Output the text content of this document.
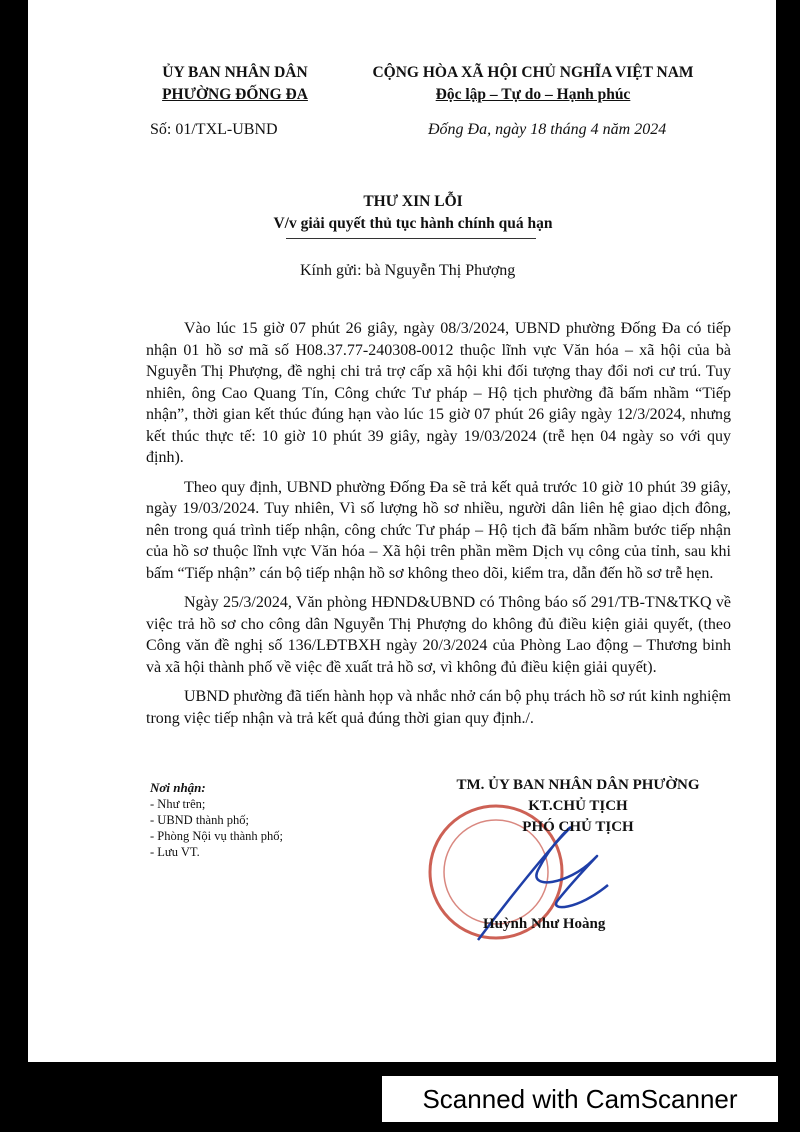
ỦY BAN NHÂN DÂN
PHƯỜNG ĐỐNG ĐA
CỘNG HÒA XÃ HỘI CHỦ NGHĨA VIỆT NAM
Độc lập – Tự do – Hạnh phúc
Số: 01/TXL-UBND	Đống Đa, ngày 18 tháng 4 năm 2024
THƯ XIN LỖI
V/v giải quyết thủ tục hành chính quá hạn
Kính gửi: bà Nguyễn Thị Phượng

Vào lúc 15 giờ 07 phút 26 giây, ngày 08/3/2024, UBND phường Đống Đa có tiếp nhận 01 hồ sơ mã số H08.37.77-240308-0012 thuộc lĩnh vực Văn hóa – xã hội của bà Nguyễn Thị Phượng, đề nghị chi trả trợ cấp xã hội khi đối tượng thay đổi nơi cư trú. Tuy nhiên, ông Cao Quang Tín, Công chức Tư pháp – Hộ tịch phường đã bấm nhầm “Tiếp nhận”, thời gian kết thúc đúng hạn vào lúc 15 giờ 07 phút 26 giây ngày 12/3/2024, nhưng kết thúc thực tế: 10 giờ 10 phút 39 giây, ngày 19/03/2024 (trễ hẹn 04 ngày so với quy định).

Theo quy định, UBND phường Đống Đa sẽ trả kết quả trước 10 giờ 10 phút 39 giây, ngày 19/03/2024. Tuy nhiên, Vì số lượng hồ sơ nhiều, người dân liên hệ giao dịch đông, nên trong quá trình tiếp nhận, công chức Tư pháp – Hộ tịch đã bấm nhầm bước tiếp nhận của hồ sơ thuộc lĩnh vực Văn hóa – Xã hội trên phần mềm Dịch vụ công của tỉnh, sau khi bấm “Tiếp nhận” cán bộ tiếp nhận hồ sơ không theo dõi, kiểm tra, dẫn đến hồ sơ trễ hẹn.

Ngày 25/3/2024, Văn phòng HĐND&UBND có Thông báo số 291/TB-TN&TKQ về việc trả hồ sơ cho công dân Nguyễn Thị Phượng do không đủ điều kiện giải quyết, (theo Công văn đề nghị số 136/LĐTBXH ngày 20/3/2024 của Phòng Lao động – Thương binh và xã hội thành phố về việc đề xuất trả hồ sơ, vì không đủ điều kiện giải quyết).

UBND phường đã tiến hành họp và nhắc nhở cán bộ phụ trách hồ sơ rút kinh nghiệm trong việc tiếp nhận và trả kết quả đúng thời gian quy định./.

Nơi nhận:
- Như trên;
- UBND thành phố;
- Phòng Nội vụ thành phố;
- Lưu VT.
TM. ỦY BAN NHÂN DÂN PHƯỜNG
KT.CHỦ TỊCH
PHÓ CHỦ TỊCH
Huỳnh Như Hoàng
Scanned with CamScanner
